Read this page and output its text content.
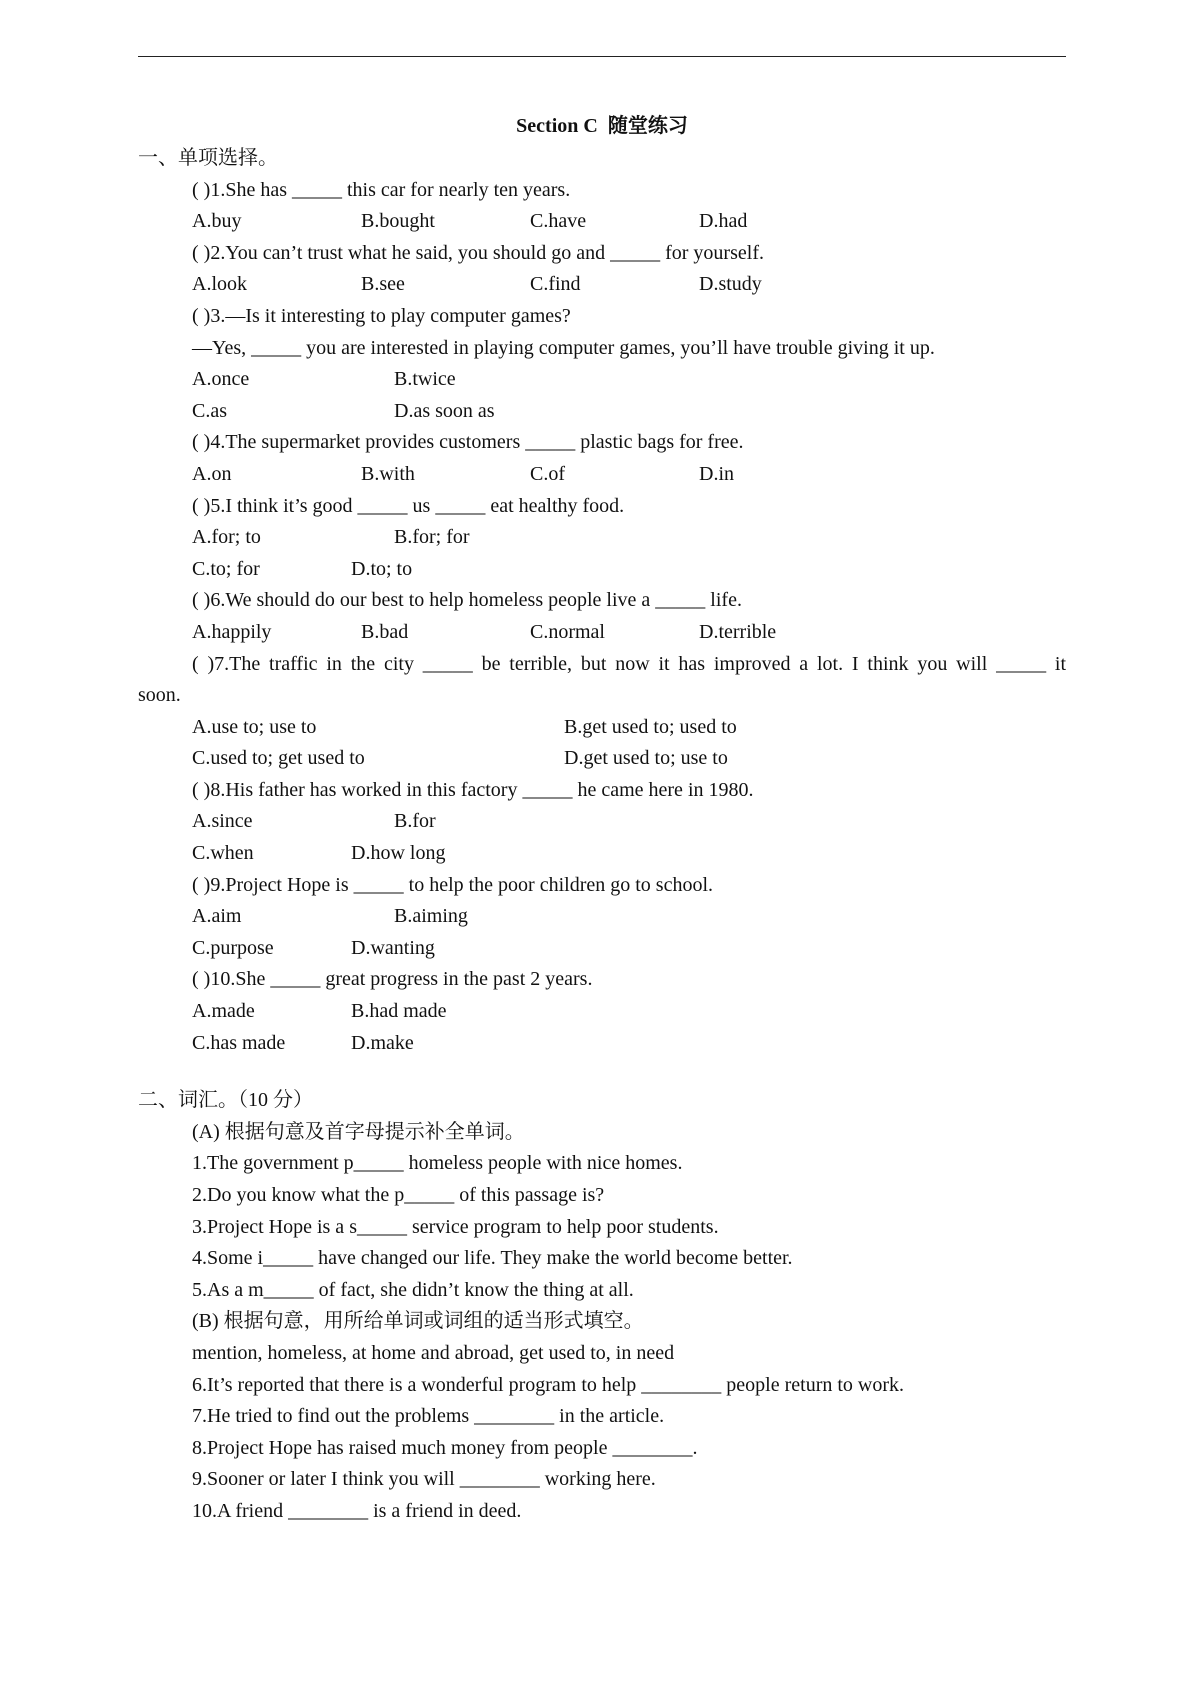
Section C 随堂练习
一、单项选择。
( )1.She has _____ this car for nearly ten years.
A.buy	B.bought	C.have	D.had
( )2.You can’t trust what he said, you should go and _____ for yourself.
A.look	B.see	C.find	D.study
( )3.—Is it interesting to play computer games?
—Yes, _____ you are interested in playing computer games, you’ll have trouble giving it up.
A.once	B.twice
C.as	D.as soon as
( )4.The supermarket provides customers _____ plastic bags for free.
A.on	B.with	C.of	D.in
( )5.I think it’s good _____ us _____ eat healthy food.
A.for; to	B.for; for
C.to; for	D.to; to
( )6.We should do our best to help homeless people live a _____ life.
A.happily	B.bad	C.normal	D.terrible
( )7.The traffic in the city _____ be terrible, but now it has improved a lot. I think you will _____ it
soon.
A.use to; use to	B.get used to; used to
C.used to; get used to	D.get used to; use to
( )8.His father has worked in this factory _____ he came here in 1980.
A.since	B.for
C.when	D.how long
( )9.Project Hope is _____ to help the poor children go to school.
A.aim	B.aiming
C.purpose	D.wanting
( )10.She _____ great progress in the past 2 years.
A.made	B.had made
C.has made	D.make
二、词汇。（10 分）
(A) 根据句意及首字母提示补全单词。
1.The government p_____ homeless people with nice homes.
2.Do you know what the p_____ of this passage is?
3.Project Hope is a s_____ service program to help poor students.
4.Some i_____ have changed our life. They make the world become better.
5.As a m_____ of fact, she didn’t know the thing at all.
(B) 根据句意，用所给单词或词组的适当形式填空。
mention, homeless, at home and abroad, get used to, in need
6.It’s reported that there is a wonderful program to help ________ people return to work.
7.He tried to find out the problems ________ in the article.
8.Project Hope has raised much money from people ________.
9.Sooner or later I think you will ________ working here.
10.A friend ________ is a friend in deed.
